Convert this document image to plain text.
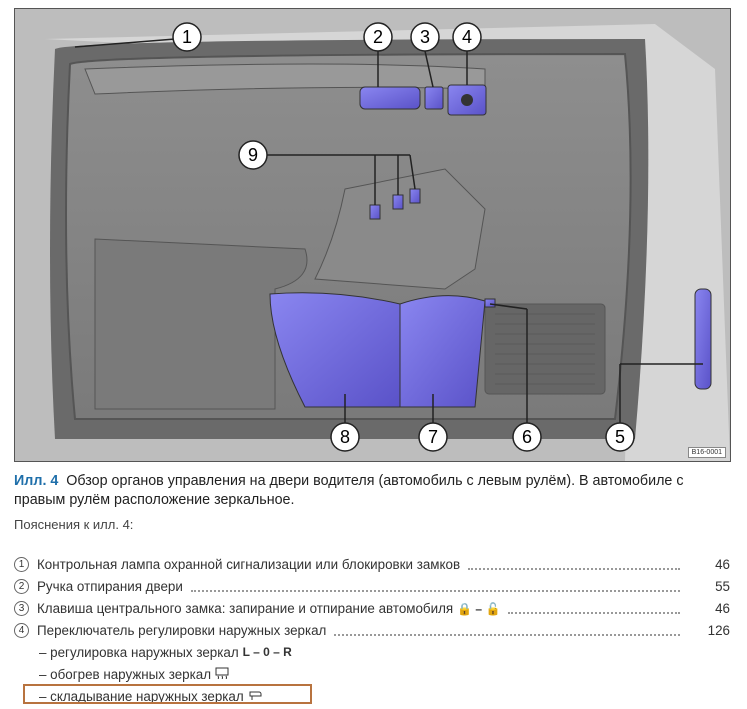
1	2 3 4
9
8	7	6	5
B16-0001
Илл. 4 Обзор органов управления на двери водителя (автомобиль с левым рулём). В автомобиле с правым рулём расположение зеркальное.
Пояснения к илл. 4:
1 Контрольная лампа охранной сигнализации или блокировки замков	46
2 Ручка отпирания двери	55
3 Клавиша центрального замка: запирание и отпирание автомобиля 🔒 – 🔓	46
4 Переключатель регулировки наружных зеркал	126
– регулировка наружных зеркал L – 0 – R
– обогрев наружных зеркал
– складывание наружных зеркал
